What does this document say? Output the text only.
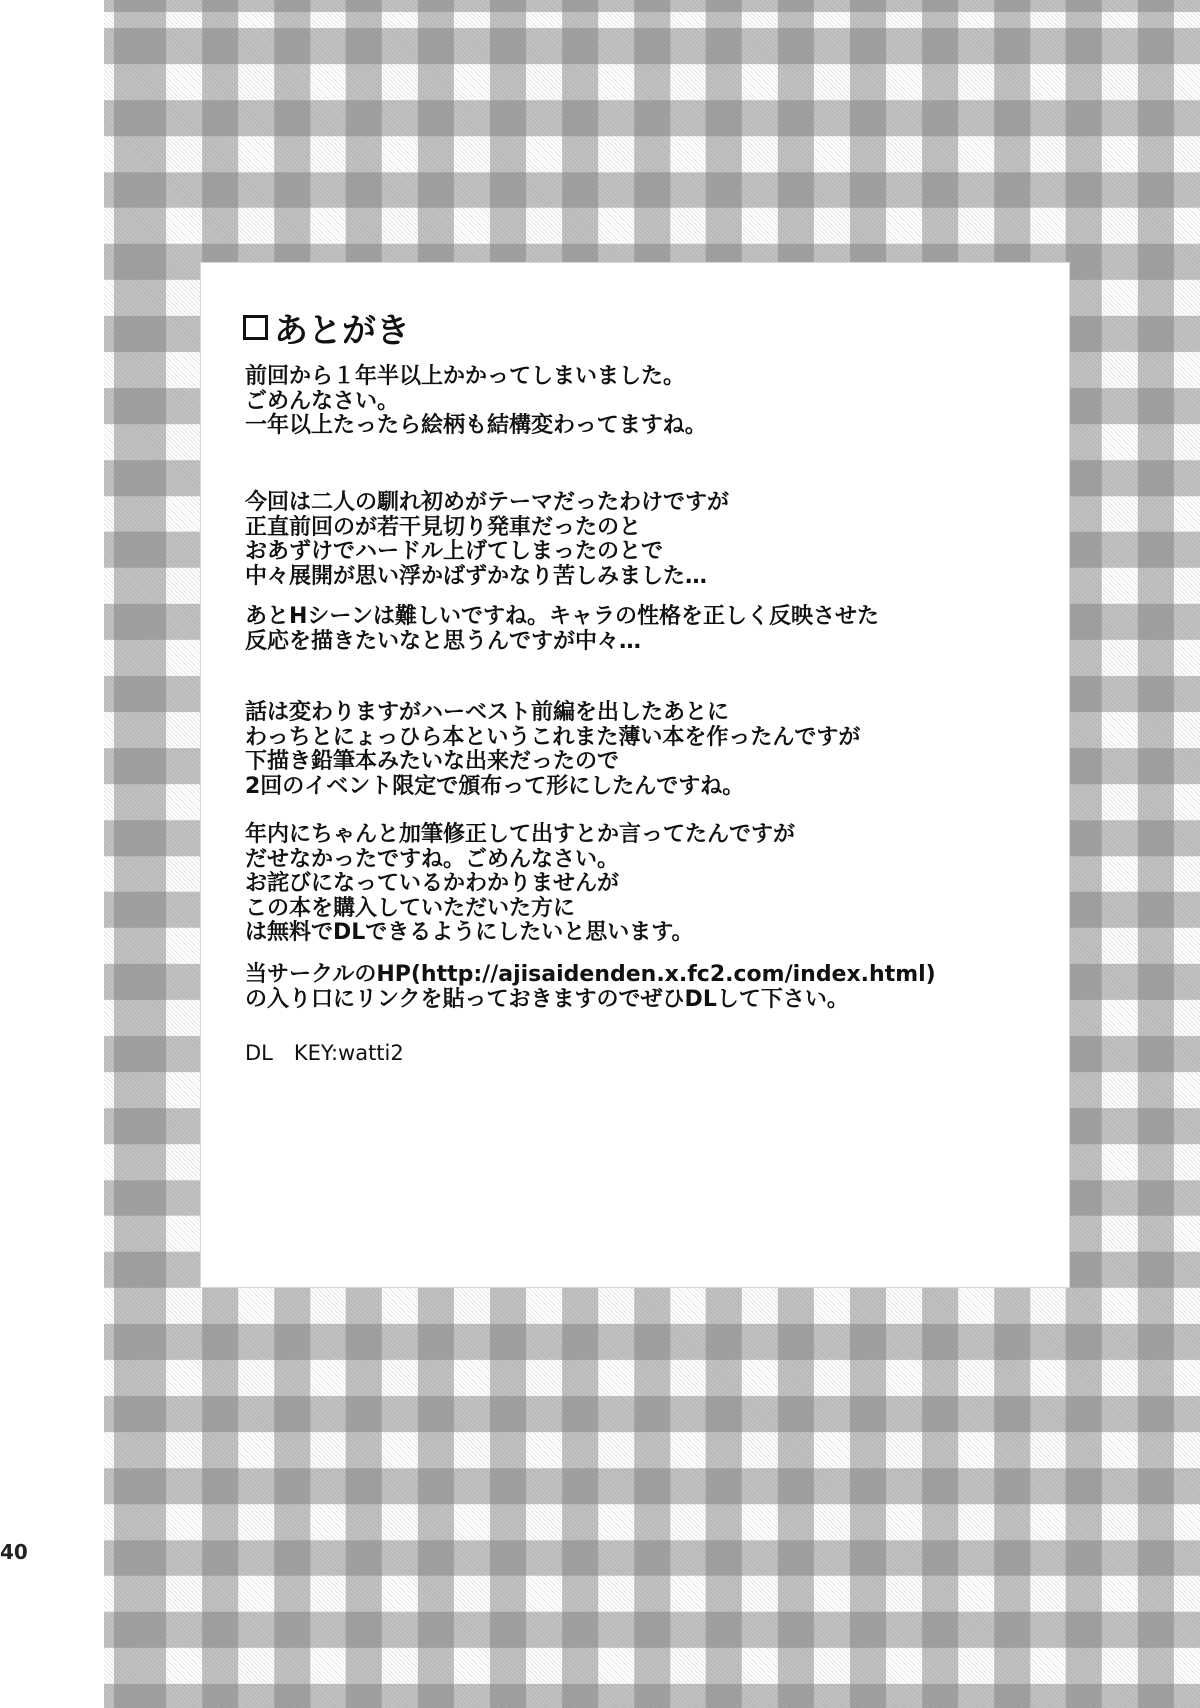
あとがき

前回から１年半以上かかってしまいました。
ごめんなさい。
一年以上たったら絵柄も結構変わってますね。

今回は二人の馴れ初めがテーマだったわけですが
正直前回のが若干見切り発車だったのと
おあずけでハードル上げてしまったのとで
中々展開が思い浮かばずかなり苦しみました…

あとHシーンは難しいですね。キャラの性格を正しく反映させた
反応を描きたいなと思うんですが中々…

話は変わりますがハーベスト前編を出したあとに
わっちとにょっひら本というこれまた薄い本を作ったんですが
下描き鉛筆本みたいな出来だったので
2回のイベント限定で頒布って形にしたんですね。

年内にちゃんと加筆修正して出すとか言ってたんですが
だせなかったですね。ごめんなさい。
お詫びになっているかわかりませんが
この本を購入していただいた方に
は無料でDLできるようにしたいと思います。

当サークルのHP(http://ajisaidenden.x.fc2.com/index.html)
の入り口にリンクを貼っておきますのでぜひDLして下さい。

DL　KEY:watti2

40
